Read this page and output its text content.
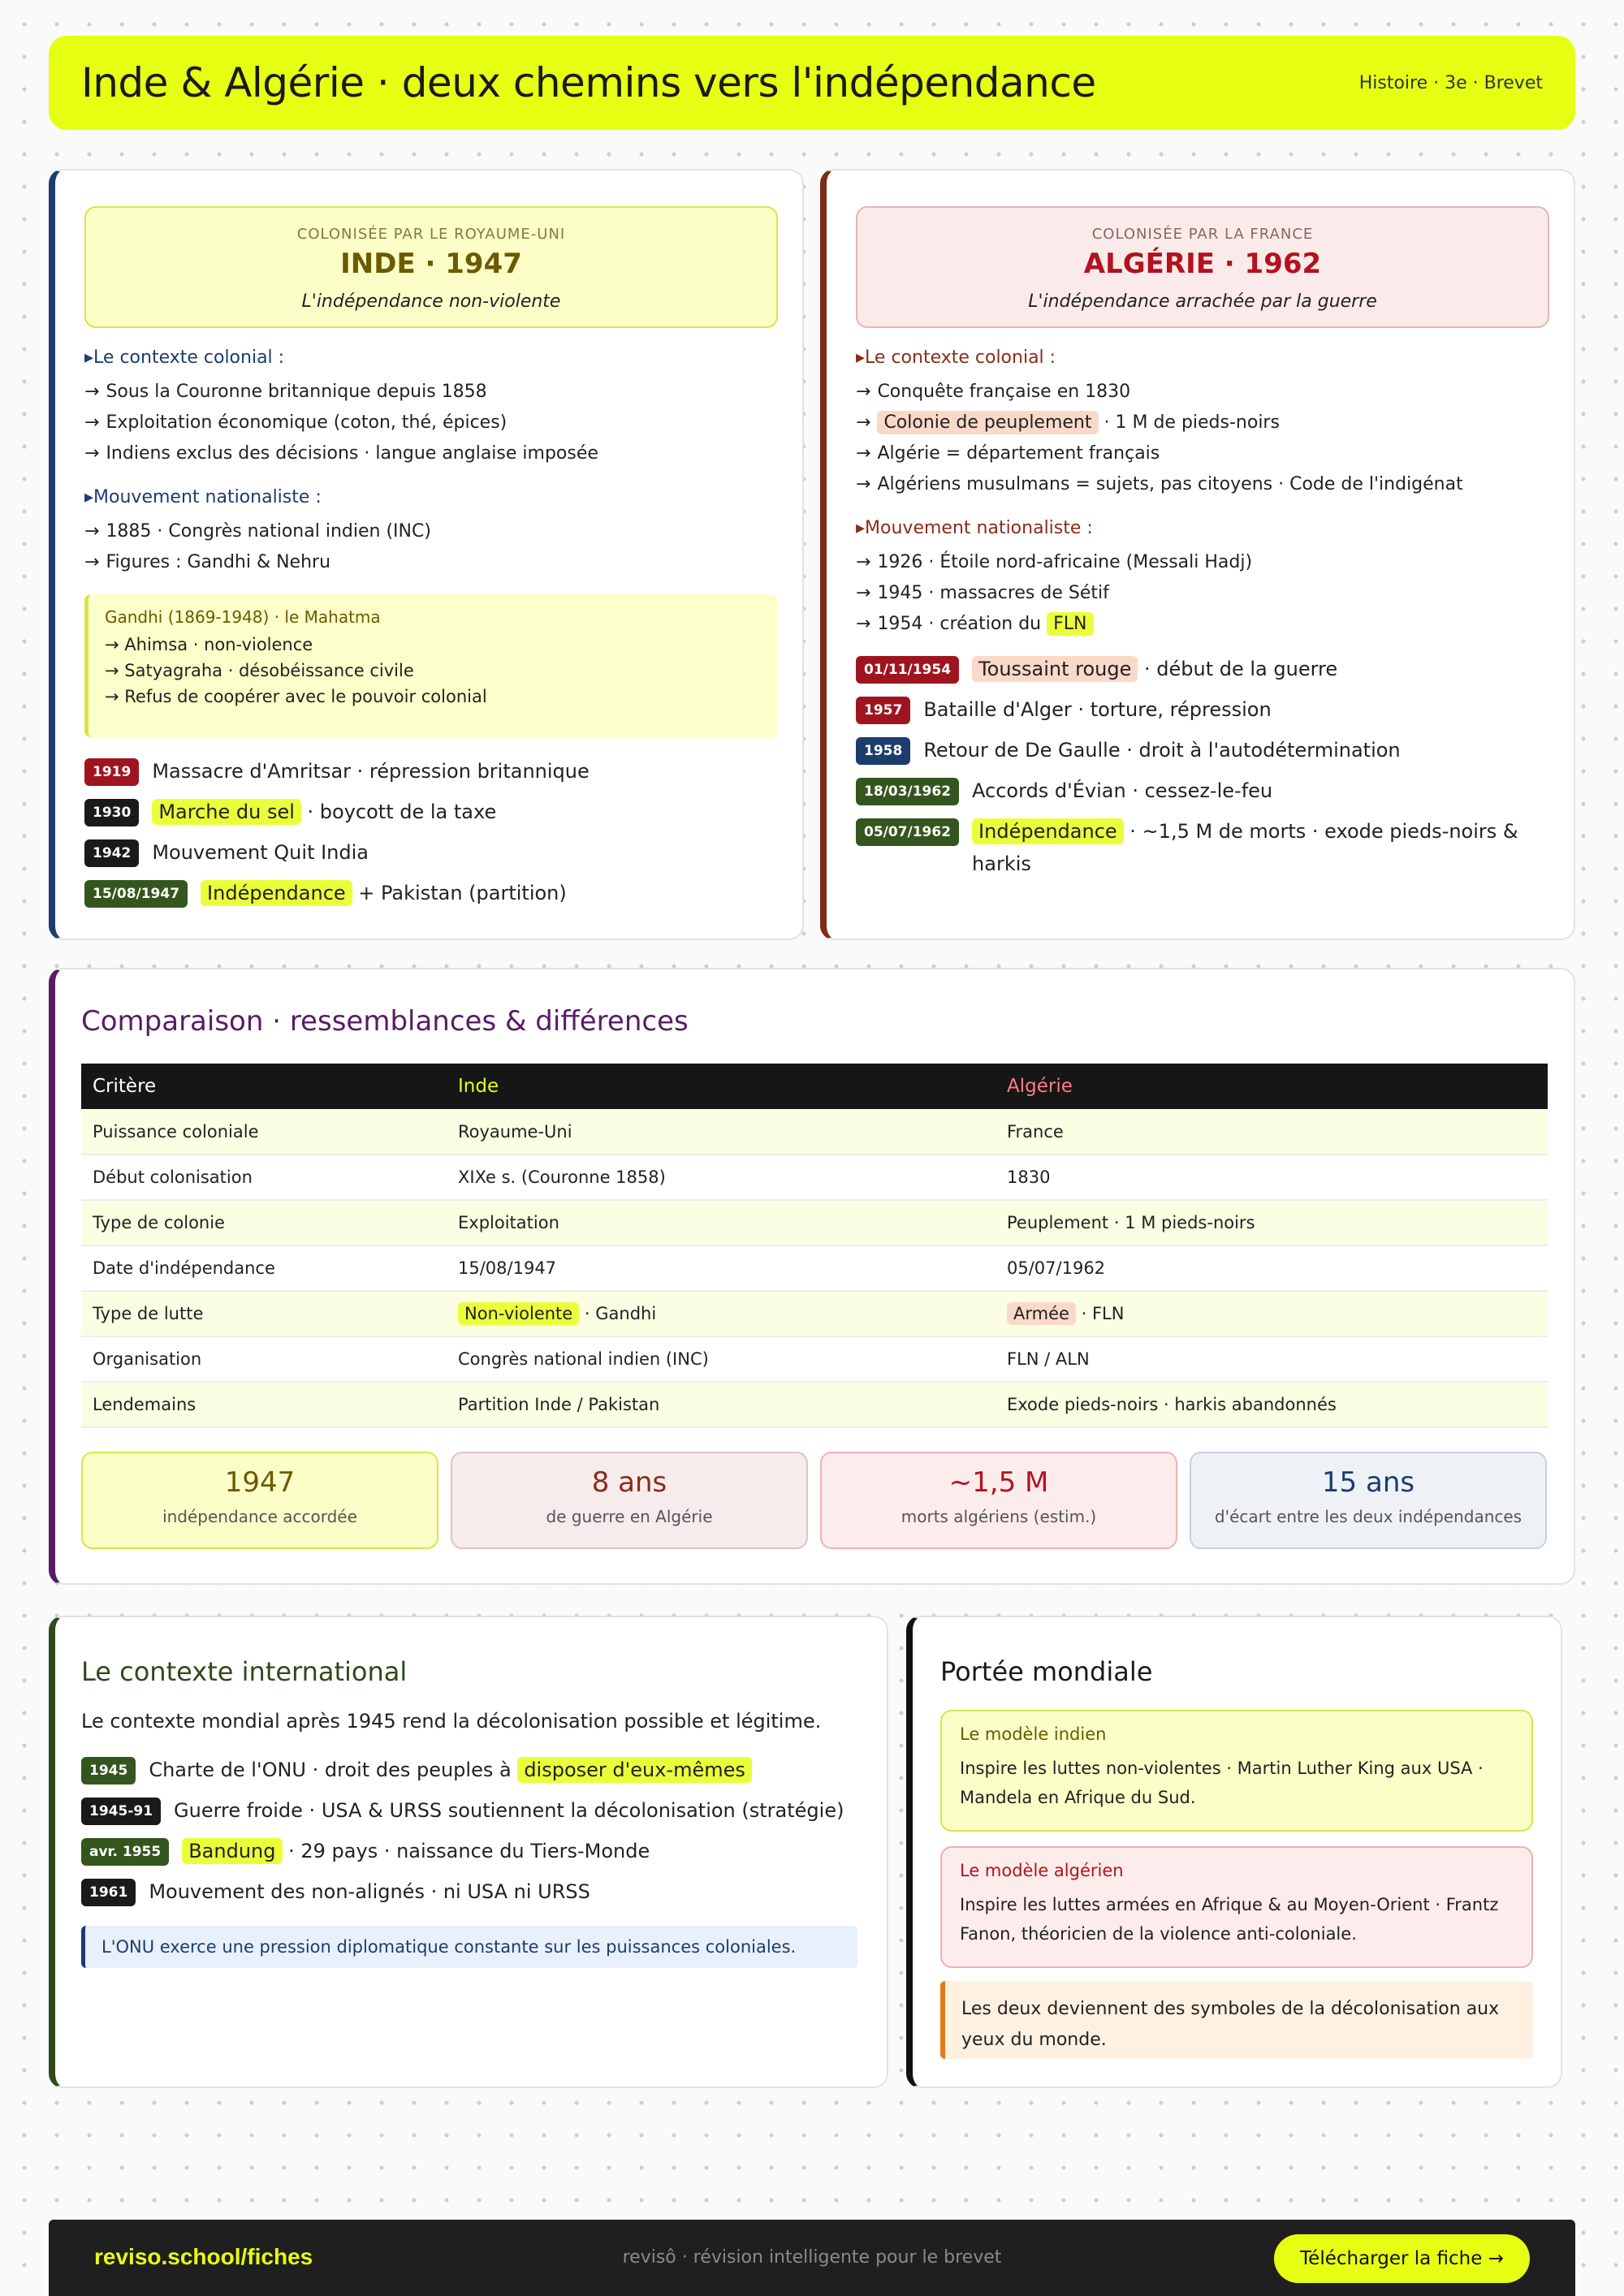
Inde & Algérie · deux chemins vers l'indépendance	Histoire · 3e · Brevet
COLONISÉE PAR LE ROYAUME-UNI
INDE · 1947
L'indépendance non-violente
▸ Le contexte colonial :
→ Sous la Couronne britannique depuis 1858
→ Exploitation économique (coton, thé, épices)
→ Indiens exclus des décisions · langue anglaise imposée
▸ Mouvement nationaliste :
→ 1885 · Congrès national indien (INC)
→ Figures : Gandhi & Nehru
Gandhi (1869-1948) · le Mahatma
→ Ahimsa · non-violence
→ Satyagraha · désobéissance civile
→ Refus de coopérer avec le pouvoir colonial
1919	Massacre d'Amritsar · répression britannique
1930	Marche du sel · boycott de la taxe
1942	Mouvement Quit India
15/08/1947	Indépendance + Pakistan (partition)
COLONISÉE PAR LA FRANCE
ALGÉRIE · 1962
L'indépendance arrachée par la guerre
▸ Le contexte colonial :
→ Conquête française en 1830
→ Colonie de peuplement · 1 M de pieds-noirs
→ Algérie = département français
→ Algériens musulmans = sujets, pas citoyens · Code de l'indigénat
▸ Mouvement nationaliste :
→ 1926 · Étoile nord-africaine (Messali Hadj)
→ 1945 · massacres de Sétif
→ 1954 · création du FLN
01/11/1954	Toussaint rouge · début de la guerre
1957	Bataille d'Alger · torture, répression
1958	Retour de De Gaulle · droit à l'autodétermination
18/03/1962	Accords d'Évian · cessez-le-feu
05/07/1962	Indépendance · ~1,5 M de morts · exode pieds-noirs &
harkis
Comparaison · ressemblances & différences
Critère	Inde	Algérie
Puissance coloniale	Royaume-Uni	France
Début colonisation	XIXe s. (Couronne 1858)	1830
Type de colonie	Exploitation	Peuplement · 1 M pieds-noirs
Date d'indépendance	15/08/1947	05/07/1962
Type de lutte	Non-violente · Gandhi	Armée · FLN
Organisation	Congrès national indien (INC)	FLN / ALN
Lendemains	Partition Inde / Pakistan	Exode pieds-noirs · harkis abandonnés
1947
indépendance accordée
8 ans
de guerre en Algérie
~1,5 M
morts algériens (estim.)
15 ans
d'écart entre les deux indépendances
Le contexte international
Le contexte mondial après 1945 rend la décolonisation possible et légitime.
1945	Charte de l'ONU · droit des peuples à disposer d'eux-mêmes
1945-91	Guerre froide · USA & URSS soutiennent la décolonisation (stratégie)
avr. 1955	Bandung · 29 pays · naissance du Tiers-Monde
1961	Mouvement des non-alignés · ni USA ni URSS
L'ONU exerce une pression diplomatique constante sur les puissances coloniales.
Portée mondiale
Le modèle indien
Inspire les luttes non-violentes · Martin Luther King aux USA · Mandela en Afrique du Sud.
Le modèle algérien
Inspire les luttes armées en Afrique & au Moyen-Orient · Frantz Fanon, théoricien de la violence anti-coloniale.
Les deux deviennent des symboles de la décolonisation aux yeux du monde.
reviso.school/fiches	revisô · révision intelligente pour le brevet	Télécharger la fiche →
